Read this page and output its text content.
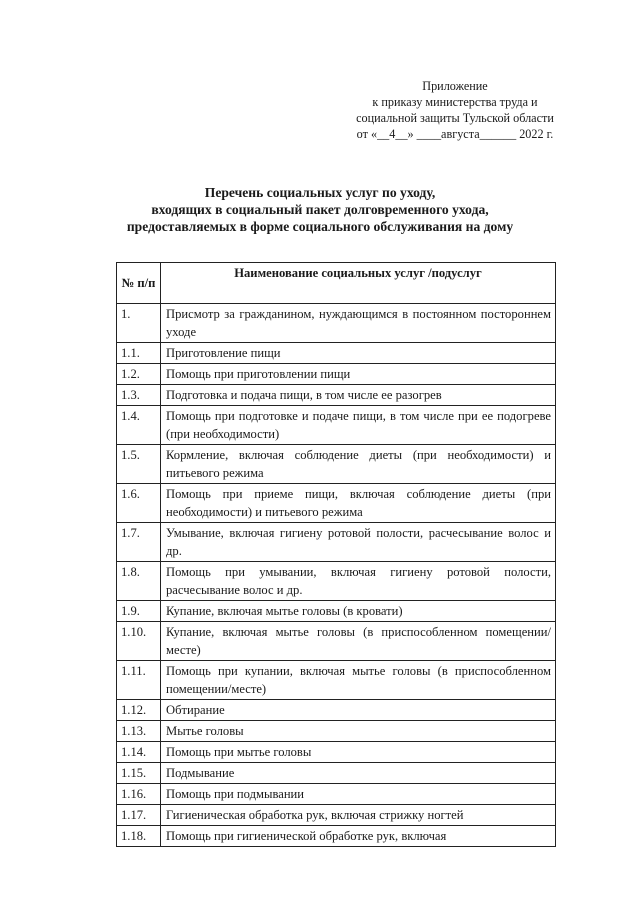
Приложение
к приказу министерства труда и
социальной защиты Тульской области
от «__4__» ____августа______ 2022 г.
Перечень социальных услуг по уходу,
входящих в социальный пакет долговременного ухода,
предоставляемых в форме социального обслуживания на дому
№ п/п	Наименование социальных услуг /подуслуг
1.	Присмотр за гражданином, нуждающимся в постоянном постороннем уходе
1.1.	Приготовление пищи
1.2.	Помощь при приготовлении пищи
1.3.	Подготовка и подача пищи, в том числе ее разогрев
1.4.	Помощь при подготовке и подаче пищи, в том числе при ее подогреве (при необходимости)
1.5.	Кормление, включая соблюдение диеты (при необходимости) и питьевого режима
1.6.	Помощь при приеме пищи, включая соблюдение диеты (при необходимости) и питьевого режима
1.7.	Умывание, включая гигиену ротовой полости, расчесывание волос и др.
1.8.	Помощь при умывании, включая гигиену ротовой полости, расчесывание волос и др.
1.9.	Купание, включая мытье головы (в кровати)
1.10.	Купание, включая мытье головы (в приспособленном помещении/месте)
1.11.	Помощь при купании, включая мытье головы (в приспособленном помещении/месте)
1.12.	Обтирание
1.13.	Мытье головы
1.14.	Помощь при мытье головы
1.15.	Подмывание
1.16.	Помощь при подмывании
1.17.	Гигиеническая обработка рук, включая стрижку ногтей
1.18.	Помощь при гигиенической обработке рук, включая
